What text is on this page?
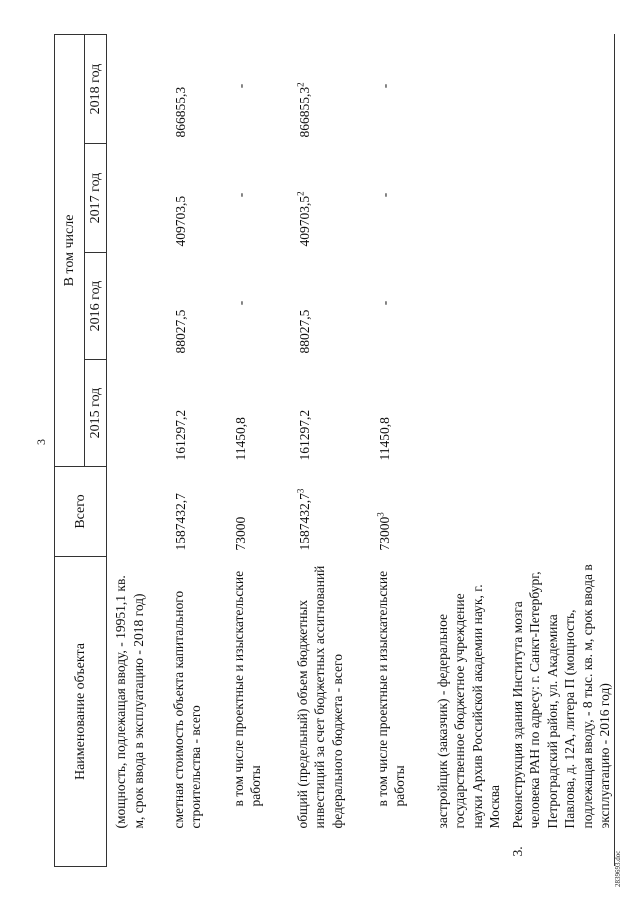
3
Наименование объекта	Всего	В том числе			
		2015 год	2016 год	2017 год	2018 год

(мощность, подлежащая вводу, - 19951,1 кв. м, срок ввода в эксплуатацию - 2018 год)					

сметная стоимость объекта капитального строительства - всего	1587432,7	161297,2	88027,5	409703,5	866855,3

в том числе проектные и изыскательские работы	73000	11450,8	-	-	-

общий (предельный) объем бюджетных инвестиций за счет бюджетных ассигнований федерального бюджета - всего	1587432,7$^3$	161297,2	88027,5	409703,5$^2$	866855,3$^2$

в том числе проектные и изыскательские работы	73000$^3$	11450,8	-	-	-

застройщик (заказчик) - федеральное государственное бюджетное учреждение науки Архив Российской академии наук, г. Москва					

3.
Реконструкция здания Института мозга человека РАН по адресу: г. Санкт-Петербург, Петроградский район, ул. Академика Павлова, д. 12А, литера П (мощность, подлежащая вводу, - 8 тыс. кв. м, срок ввода в эксплуатацию - 2016 год)					

2839693.doc
